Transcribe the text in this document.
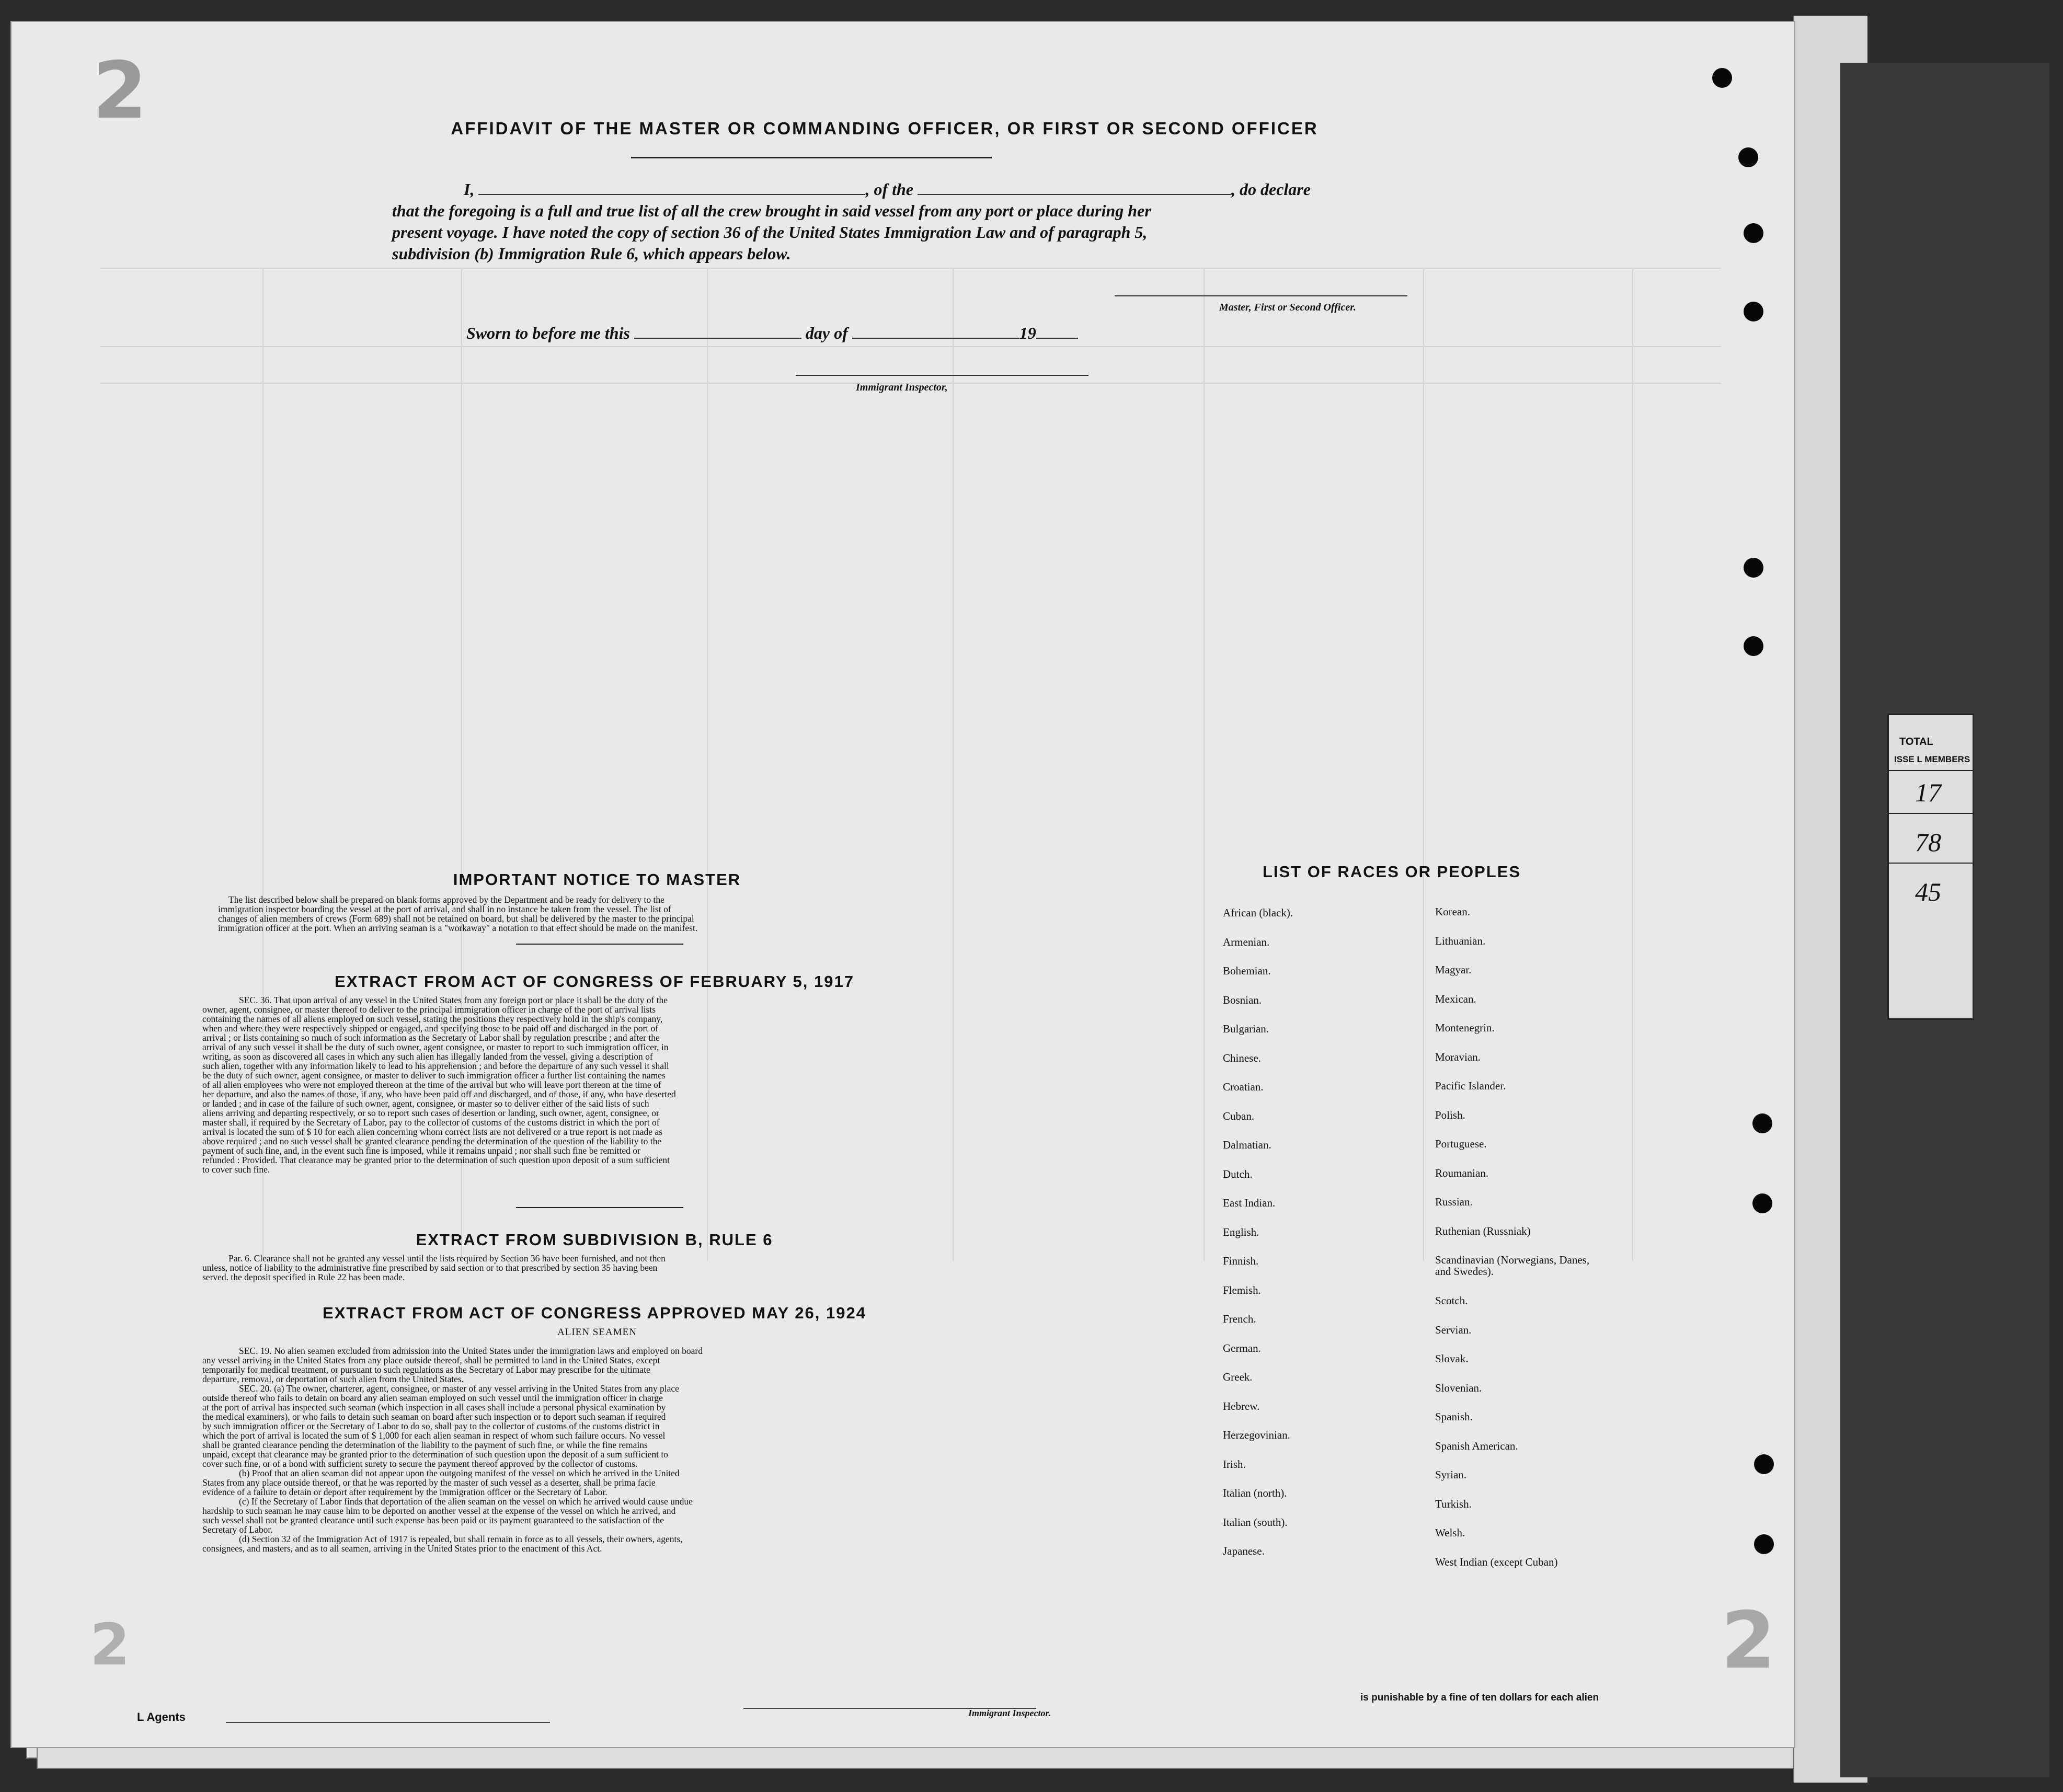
2
2	2
AFFIDAVIT OF THE MASTER OR COMMANDING OFFICER, OR FIRST OR SECOND OFFICER
I,	, of the	, do declare
that the foregoing is a full and true list of all the crew brought in said vessel from any port or place during her
present voyage. I have noted the copy of section 36 of the United States Immigration Law and of paragraph 5,
subdivision (b) Immigration Rule 6, which appears below.
Master, First or Second Officer.
Sworn to before me this	day of	19
Immigrant Inspector,
IMPORTANT NOTICE TO MASTER
The list described below shall be prepared on blank forms approved by the Department and be ready for delivery to the
immigration inspector boarding the vessel at the port of arrival, and shall in no instance be taken from the vessel. The list of
changes of alien members of crews (Form 689) shall not be retained on board, but shall be delivered by the master to the principal
immigration officer at the port. When an arriving seaman is a "workaway" a notation to that effect should be made on the manifest.
EXTRACT FROM ACT OF CONGRESS OF FEBRUARY 5, 1917
SEC. 36. That upon arrival of any vessel in the United States from any foreign port or place it shall be the duty of the
owner, agent, consignee, or master thereof to deliver to the principal immigration officer in charge of the port of arrival lists
containing the names of all aliens employed on such vessel, stating the positions they respectively hold in the ship's company,
when and where they were respectively shipped or engaged, and specifying those to be paid off and discharged in the port of
arrival ; or lists containing so much of such information as the Secretary of Labor shall by regulation prescribe ; and after the
arrival of any such vessel it shall be the duty of such owner, agent consignee, or master to report to such immigration officer, in
writing, as soon as discovered all cases in which any such alien has illegally landed from the vessel, giving a description of
such alien, together with any information likely to lead to his apprehension ; and before the departure of any such vessel it shall
be the duty of such owner, agent consignee, or master to deliver to such immigration officer a further list containing the names
of all alien employees who were not employed thereon at the time of the arrival but who will leave port thereon at the time of
her departure, and also the names of those, if any, who have been paid off and discharged, and of those, if any, who have deserted
or landed ; and in case of the failure of such owner, agent, consignee, or master so to deliver either of the said lists of such
aliens arriving and departing respectively, or so to report such cases of desertion or landing, such owner, agent, consignee, or
master shall, if required by the Secretary of Labor, pay to the collector of customs of the customs district in which the port of
arrival is located the sum of $ 10 for each alien concerning whom correct lists are not delivered or a true report is not made as
above required ; and no such vessel shall be granted clearance pending the determination of the question of the liability to the
payment of such fine, and, in the event such fine is imposed, while it remains unpaid ; nor shall such fine be remitted or
refunded : Provided. That clearance may be granted prior to the determination of such question upon deposit of a sum sufficient
to cover such fine.
EXTRACT FROM SUBDIVISION B, RULE 6
Par. 6. Clearance shall not be granted any vessel until the lists required by Section 36 have been furnished, and not then
unless, notice of liability to the administrative fine prescribed by said section or to that prescribed by section 35 having been
served. the deposit specified in Rule 22 has been made.
EXTRACT FROM ACT OF CONGRESS APPROVED MAY 26, 1924
ALIEN SEAMEN
SEC. 19. No alien seamen excluded from admission into the United States under the immigration laws and employed on board
any vessel arriving in the United States from any place outside thereof, shall be permitted to land in the United States, except
temporarily for medical treatment, or pursuant to such regulations as the Secretary of Labor may prescribe for the ultimate
departure, removal, or deportation of such alien from the United States.
SEC. 20. (a) The owner, charterer, agent, consignee, or master of any vessel arriving in the United States from any place
outside thereof who fails to detain on board any alien seaman employed on such vessel until the immigration officer in charge
at the port of arrival has inspected such seaman (which inspection in all cases shall include a personal physical examination by
the medical examiners), or who fails to detain such seaman on board after such inspection or to deport such seaman if required
by such immigration officer or the Secretary of Labor to do so, shall pay to the collector of customs of the customs district in
which the port of arrival is located the sum of $ 1,000 for each alien seaman in respect of whom such failure occurs. No vessel
shall be granted clearance pending the determination of the liability to the payment of such fine, or while the fine remains
unpaid, except that clearance may be granted prior to the determination of such question upon the deposit of a sum sufficient to
cover such fine, or of a bond with sufficient surety to secure the payment thereof approved by the collector of customs.
(b) Proof that an alien seaman did not appear upon the outgoing manifest of the vessel on which he arrived in the United
States from any place outside thereof, or that he was reported by the master of such vessel as a deserter, shall be prima facie
evidence of a failure to detain or deport after requirement by the immigration officer or the Secretary of Labor.
(c) If the Secretary of Labor finds that deportation of the alien seaman on the vessel on which he arrived would cause undue
hardship to such seaman he may cause him to be deported on another vessel at the expense of the vessel on which he arrived, and
such vessel shall not be granted clearance until such expense has been paid or its payment guaranteed to the satisfaction of the
Secretary of Labor.
(d) Section 32 of the Immigration Act of 1917 is repealed, but shall remain in force as to all vessels, their owners, agents,
consignees, and masters, and as to all seamen, arriving in the United States prior to the enactment of this Act.
LIST OF RACES OR PEOPLES
African (black).
Armenian.
Bohemian.
Bosnian.
Bulgarian.
Chinese.
Croatian.
Cuban.
Dalmatian.
Dutch.
East Indian.
English.
Finnish.
Flemish.
French.
German.
Greek.
Hebrew.
Herzegovinian.
Irish.
Italian (north).
Italian (south).
Japanese.
Korean.
Lithuanian.
Magyar.
Mexican.
Montenegrin.
Moravian.
Pacific Islander.
Polish.
Portuguese.
Roumanian.
Russian.
Ruthenian (Russniak)
Scandinavian (Norwegians, Danes, and Swedes).
Scotch.
Servian.
Slovak.
Slovenian.
Spanish.
Spanish American.
Syrian.
Turkish.
Welsh.
West Indian (except Cuban)
L Agents	Immigrant Inspector.
is punishable by a fine of ten dollars for each alien
TOTAL
ISSE L MEMBERS
17
78
45
